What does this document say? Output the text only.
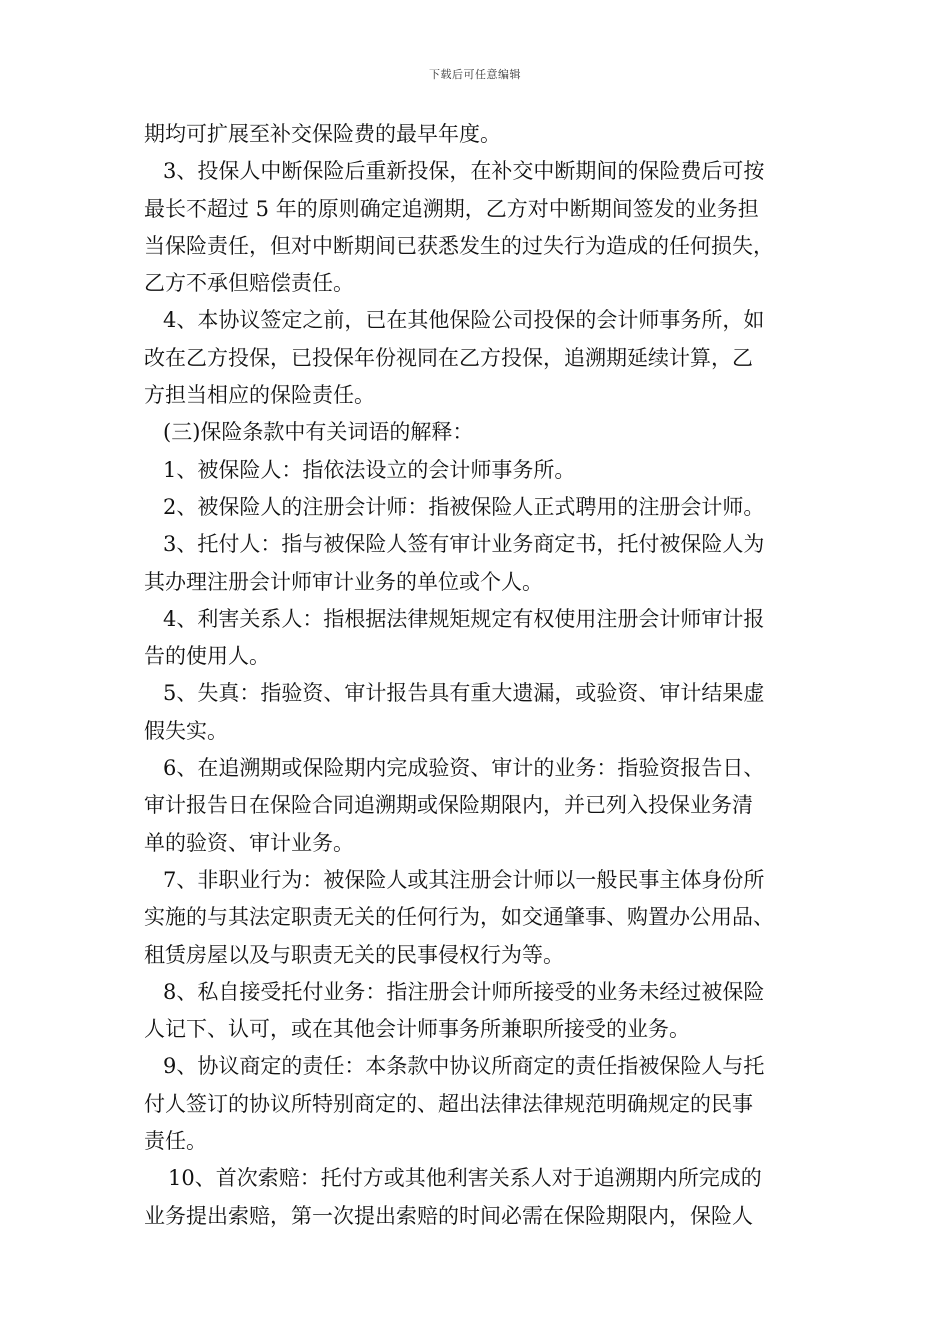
下载后可任意编辑
期均可扩展至补交保险费的最早年度。
3、投保人中断保险后重新投保，在补交中断期间的保险费后可按
最长不超过 5 年的原则确定追溯期，乙方对中断期间签发的业务担
当保险责任，但对中断期间已获悉发生的过失行为造成的任何损失，
乙方不承但赔偿责任。
4、本协议签定之前，已在其他保险公司投保的会计师事务所，如
改在乙方投保，已投保年份视同在乙方投保，追溯期延续计算，乙
方担当相应的保险责任。
(三)保险条款中有关词语的解释：
1、被保险人：指依法设立的会计师事务所。
2、被保险人的注册会计师：指被保险人正式聘用的注册会计师。
3、托付人：指与被保险人签有审计业务商定书，托付被保险人为
其办理注册会计师审计业务的单位或个人。
4、利害关系人：指根据法律规矩规定有权使用注册会计师审计报
告的使用人。
5、失真：指验资、审计报告具有重大遗漏，或验资、审计结果虚
假失实。
6、在追溯期或保险期内完成验资、审计的业务：指验资报告日、
审计报告日在保险合同追溯期或保险期限内，并已列入投保业务清
单的验资、审计业务。
7、非职业行为：被保险人或其注册会计师以一般民事主体身份所
实施的与其法定职责无关的任何行为，如交通肇事、购置办公用品、
租赁房屋以及与职责无关的民事侵权行为等。
8、私自接受托付业务：指注册会计师所接受的业务未经过被保险
人记下、认可，或在其他会计师事务所兼职所接受的业务。
9、协议商定的责任：本条款中协议所商定的责任指被保险人与托
付人签订的协议所特别商定的、超出法律法律规范明确规定的民事
责任。
10、首次索赔：托付方或其他利害关系人对于追溯期内所完成的
业务提出索赔，第一次提出索赔的时间必需在保险期限内，保险人
